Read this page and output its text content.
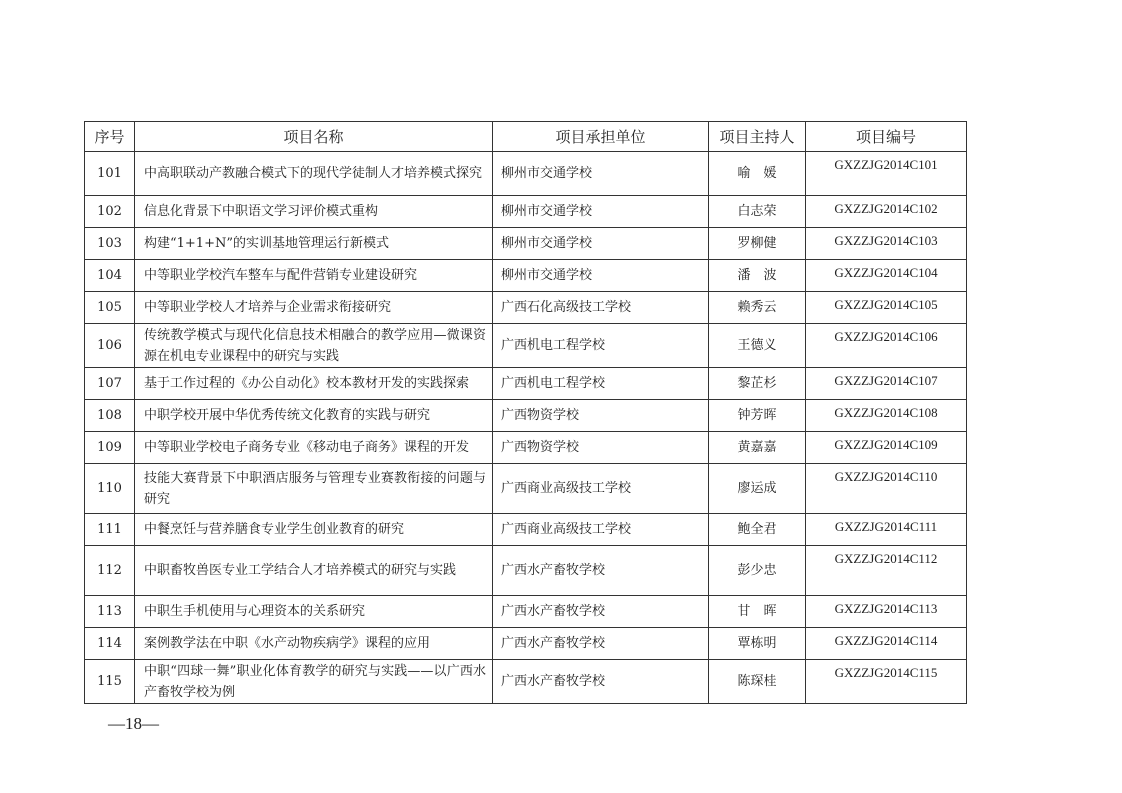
序号	项目名称	项目承担单位	项目主持人	项目编号
101	中高职联动产教融合模式下的现代学徒制人才培养模式探究	柳州市交通学校	喻　媛	GXZZJG2014C101
102	信息化背景下中职语文学习评价模式重构	柳州市交通学校	白志荣	GXZZJG2014C102
103	构建“1+1+N”的实训基地管理运行新模式	柳州市交通学校	罗柳健	GXZZJG2014C103
104	中等职业学校汽车整车与配件营销专业建设研究	柳州市交通学校	潘　波	GXZZJG2014C104
105	中等职业学校人才培养与企业需求衔接研究	广西石化高级技工学校	赖秀云	GXZZJG2014C105
106	传统教学模式与现代化信息技术相融合的教学应用—微课资源在机电专业课程中的研究与实践	广西机电工程学校	王德义	GXZZJG2014C106
107	基于工作过程的《办公自动化》校本教材开发的实践探索	广西机电工程学校	黎芷杉	GXZZJG2014C107
108	中职学校开展中华优秀传统文化教育的实践与研究	广西物资学校	钟芳晖	GXZZJG2014C108
109	中等职业学校电子商务专业《移动电子商务》课程的开发	广西物资学校	黄嘉嘉	GXZZJG2014C109
110	技能大赛背景下中职酒店服务与管理专业赛教衔接的问题与研究	广西商业高级技工学校	廖运成	GXZZJG2014C110
111	中餐烹饪与营养膳食专业学生创业教育的研究	广西商业高级技工学校	鲍全君	GXZZJG2014C111
112	中职畜牧兽医专业工学结合人才培养模式的研究与实践	广西水产畜牧学校	彭少忠	GXZZJG2014C112
113	中职生手机使用与心理资本的关系研究	广西水产畜牧学校	甘　晖	GXZZJG2014C113
114	案例教学法在中职《水产动物疾病学》课程的应用	广西水产畜牧学校	覃栋明	GXZZJG2014C114
115	中职“四球一舞”职业化体育教学的研究与实践——以广西水产畜牧学校为例	广西水产畜牧学校	陈琛桂	GXZZJG2014C115
—18—
